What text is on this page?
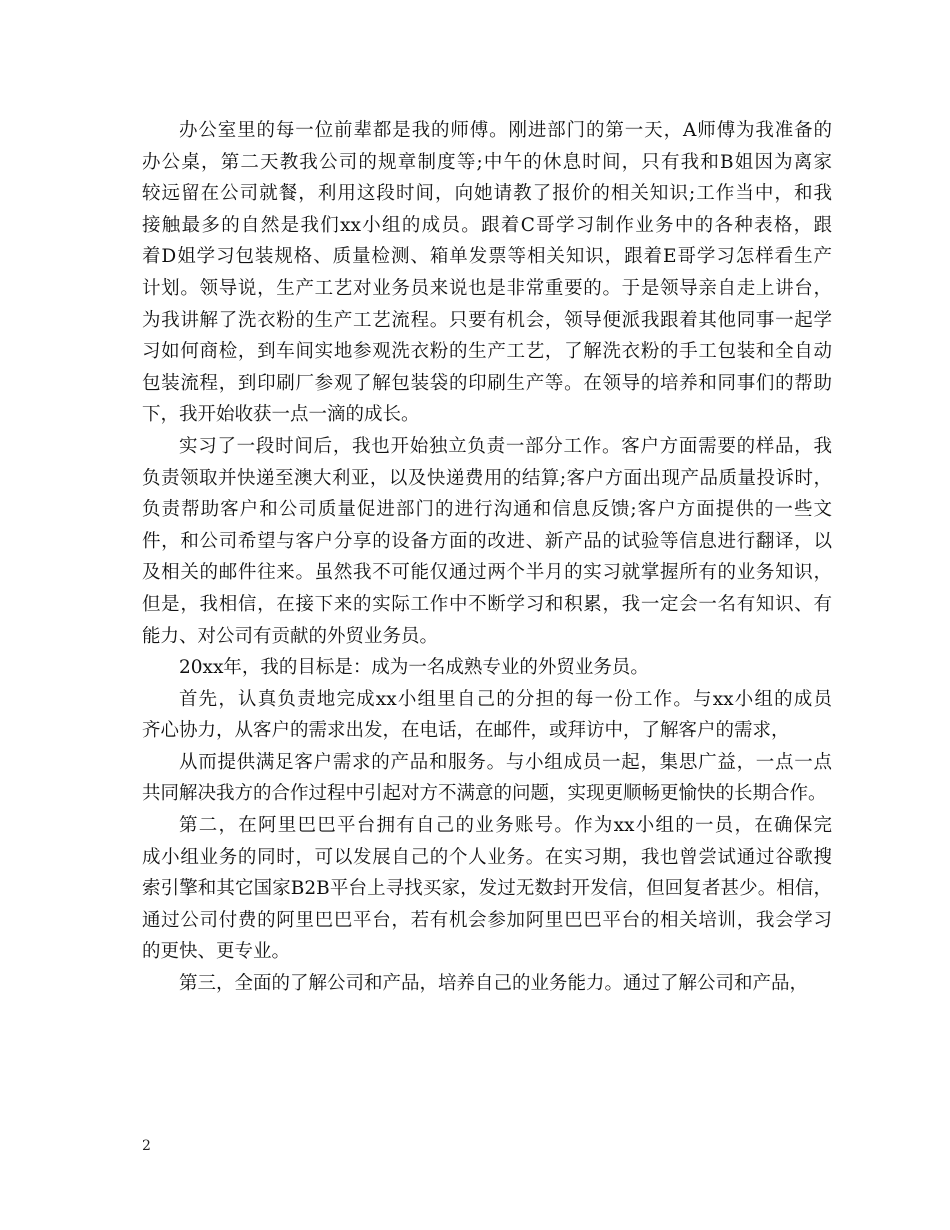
办公室里的每一位前辈都是我的师傅。刚进部门的第一天，A师傅为我准备的
办公桌，第二天教我公司的规章制度等;中午的休息时间，只有我和B姐因为离家
较远留在公司就餐，利用这段时间，向她请教了报价的相关知识;工作当中，和我
接触最多的自然是我们xx小组的成员。跟着C哥学习制作业务中的各种表格，跟
着D姐学习包装规格、质量检测、箱单发票等相关知识，跟着E哥学习怎样看生产
计划。领导说，生产工艺对业务员来说也是非常重要的。于是领导亲自走上讲台，
为我讲解了洗衣粉的生产工艺流程。只要有机会，领导便派我跟着其他同事一起学
习如何商检，到车间实地参观洗衣粉的生产工艺，了解洗衣粉的手工包装和全自动
包装流程，到印刷厂参观了解包装袋的印刷生产等。在领导的培养和同事们的帮助
下，我开始收获一点一滴的成长。
实习了一段时间后，我也开始独立负责一部分工作。客户方面需要的样品，我
负责领取并快递至澳大利亚，以及快递费用的结算;客户方面出现产品质量投诉时，
负责帮助客户和公司质量促进部门的进行沟通和信息反馈;客户方面提供的一些文
件，和公司希望与客户分享的设备方面的改进、新产品的试验等信息进行翻译，以
及相关的邮件往来。虽然我不可能仅通过两个半月的实习就掌握所有的业务知识，
但是，我相信，在接下来的实际工作中不断学习和积累，我一定会一名有知识、有
能力、对公司有贡献的外贸业务员。
20xx年，我的目标是：成为一名成熟专业的外贸业务员。
首先，认真负责地完成xx小组里自己的分担的每一份工作。与xx小组的成员
齐心协力，从客户的需求出发，在电话，在邮件，或拜访中，了解客户的需求，
从而提供满足客户需求的产品和服务。与小组成员一起，集思广益，一点一点
共同解决我方的合作过程中引起对方不满意的问题，实现更顺畅更愉快的长期合作。
第二，在阿里巴巴平台拥有自己的业务账号。作为xx小组的一员，在确保完
成小组业务的同时，可以发展自己的个人业务。在实习期，我也曾尝试通过谷歌搜
索引擎和其它国家B2B平台上寻找买家，发过无数封开发信，但回复者甚少。相信，
通过公司付费的阿里巴巴平台，若有机会参加阿里巴巴平台的相关培训，我会学习
的更快、更专业。
第三，全面的了解公司和产品，培养自己的业务能力。通过了解公司和产品，
2
